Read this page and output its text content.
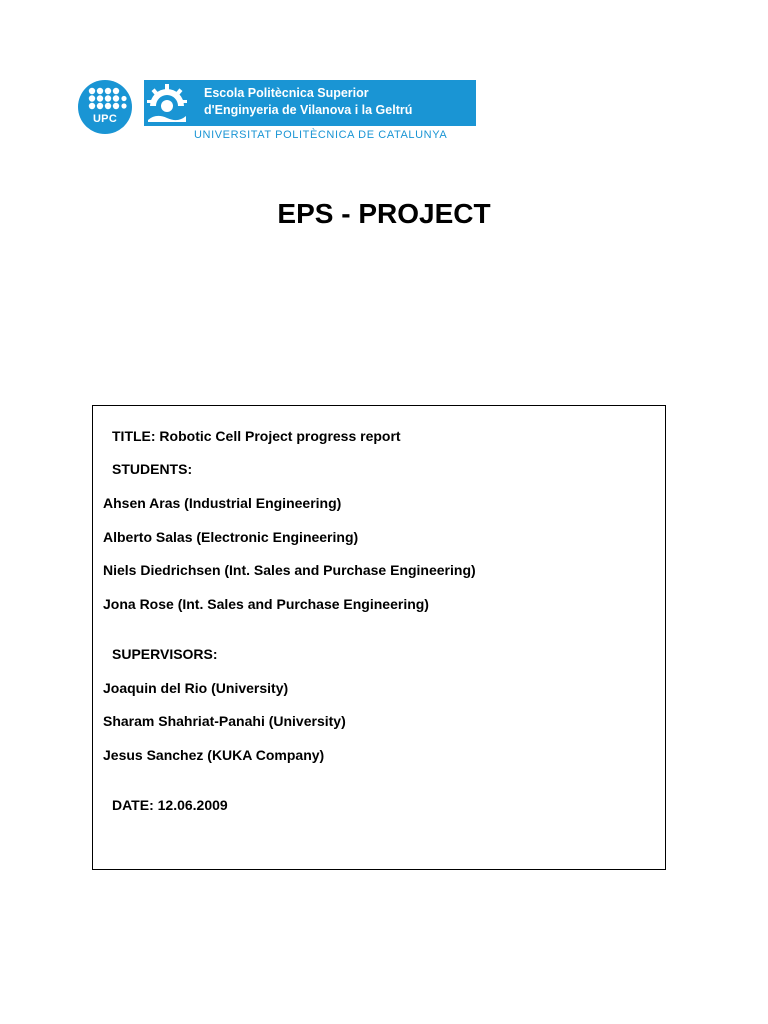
UPC
Escola Politècnica Superior
d'Enginyeria de Vilanova i la Geltrú
UNIVERSITAT POLITÈCNICA DE CATALUNYA
EPS - PROJECT
TITLE: Robotic Cell Project progress report
STUDENTS:
Ahsen Aras (Industrial Engineering)
Alberto Salas (Electronic Engineering)
Niels Diedrichsen (Int. Sales and Purchase Engineering)
Jona Rose (Int. Sales and Purchase Engineering)
SUPERVISORS:
Joaquin del Rio (University)
Sharam Shahriat-Panahi (University)
Jesus Sanchez (KUKA Company)
DATE: 12.06.2009
